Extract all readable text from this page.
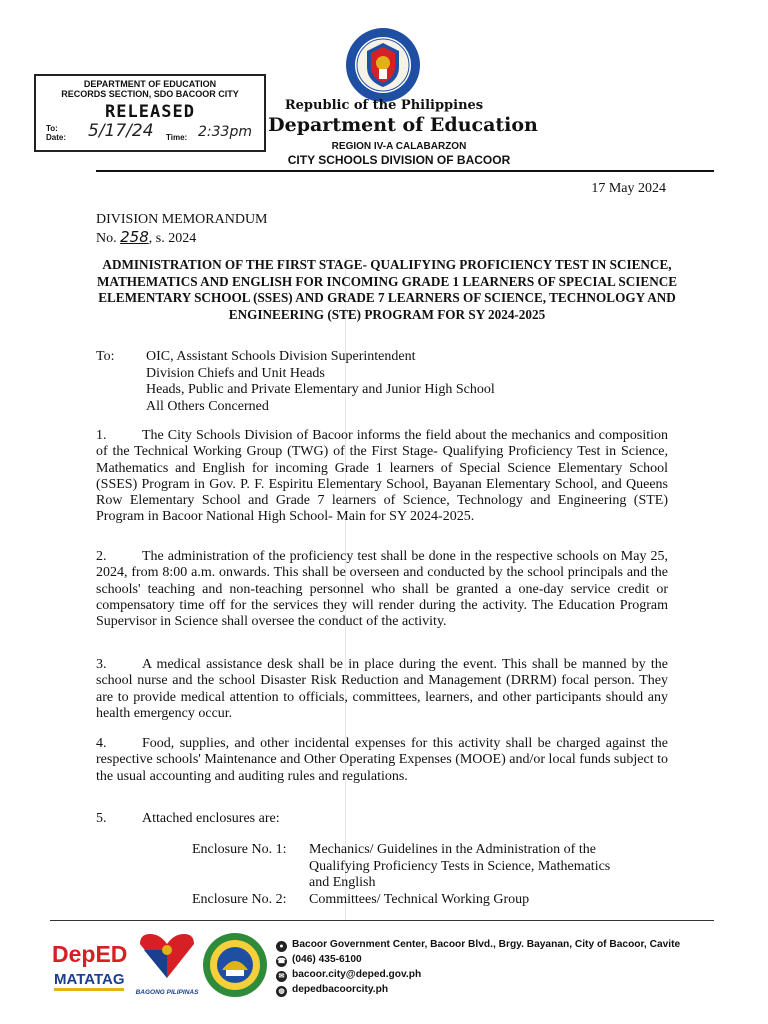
DEPARTMENT OF EDUCATION
RECORDS SECTION, SDO BACOOR CITY
RELEASED
To:
Date: 5/17/24 Time: 2:33pm
Republic of the Philippines
Department of Education
REGION IV-A CALABARZON
CITY SCHOOLS DIVISION OF BACOOR
17 May 2024
DIVISION MEMORANDUM
No. 258, s. 2024
ADMINISTRATION OF THE FIRST STAGE- QUALIFYING PROFICIENCY TEST IN SCIENCE, MATHEMATICS AND ENGLISH FOR INCOMING GRADE 1 LEARNERS OF SPECIAL SCIENCE ELEMENTARY SCHOOL (SSES) AND GRADE 7 LEARNERS OF SCIENCE, TECHNOLOGY AND ENGINEERING (STE) PROGRAM FOR SY 2024-2025
To: OIC, Assistant Schools Division Superintendent
Division Chiefs and Unit Heads
Heads, Public and Private Elementary and Junior High School
All Others Concerned
1.	The City Schools Division of Bacoor informs the field about the mechanics and composition of the Technical Working Group (TWG) of the First Stage- Qualifying Proficiency Test in Science, Mathematics and English for incoming Grade 1 learners of Special Science Elementary School (SSES) Program in Gov. P. F. Espiritu Elementary School, Bayanan Elementary School, and Queens Row Elementary School and Grade 7 learners of Science, Technology and Engineering (STE) Program in Bacoor National High School- Main for SY 2024-2025.
2.	The administration of the proficiency test shall be done in the respective schools on May 25, 2024, from 8:00 a.m. onwards. This shall be overseen and conducted by the school principals and the schools' teaching and non-teaching personnel who shall be granted a one-day service credit or compensatory time off for the services they will render during the activity. The Education Program Supervisor in Science shall oversee the conduct of the activity.
3.	A medical assistance desk shall be in place during the event. This shall be manned by the school nurse and the school Disaster Risk Reduction and Management (DRRM) focal person. They are to provide medical attention to officials, committees, learners, and other participants should any health emergency occur.
4.	Food, supplies, and other incidental expenses for this activity shall be charged against the respective schools' Maintenance and Other Operating Expenses (MOOE) and/or local funds subject to the usual accounting and auditing rules and regulations.
5.	Attached enclosures are:
Enclosure No. 1: Mechanics/ Guidelines in the Administration of the
Qualifying Proficiency Tests in Science, Mathematics
and English
Enclosure No. 2: Committees/ Technical Working Group
DepED
MATATAG
BAGONG PILIPINAS
● Bacoor Government Center, Bacoor Blvd., Brgy. Bayanan, City of Bacoor, Cavite
☎ (046) 435-6100
✉ bacoor.city@deped.gov.ph
◍ depedbacoorcity.ph
